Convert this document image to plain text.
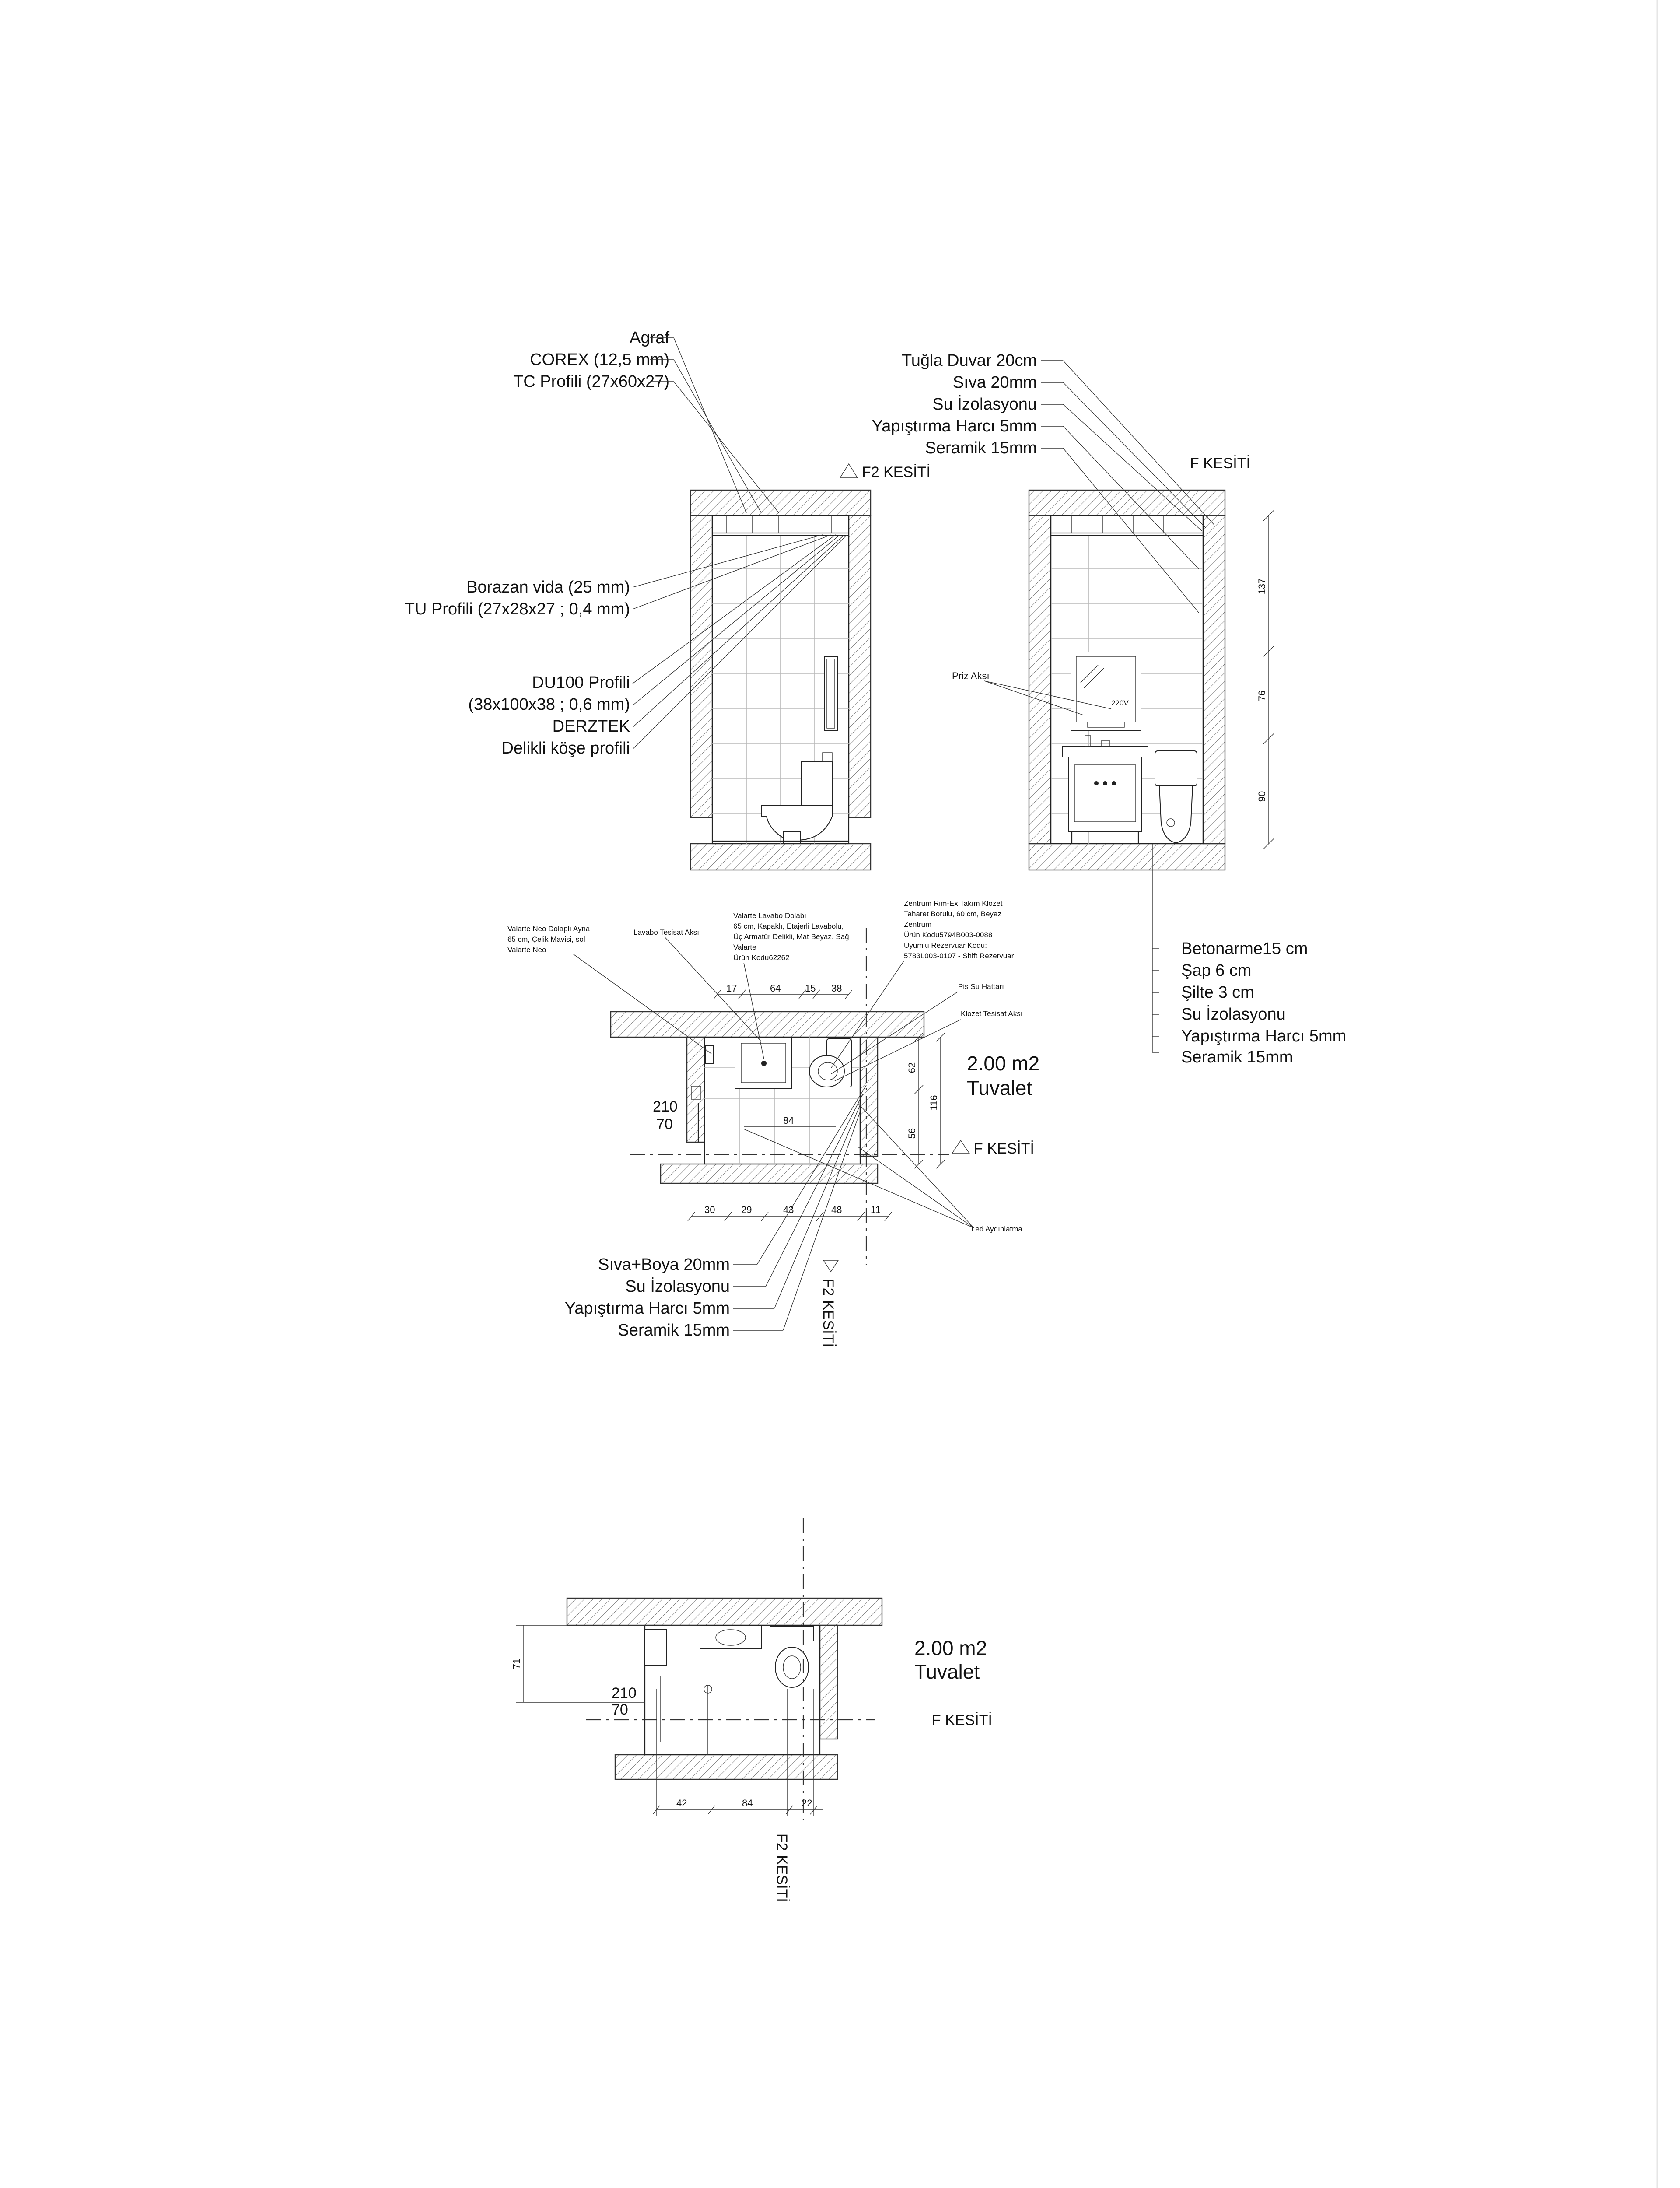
Agraf
COREX (12,5 mm)
TC Profili (27x60x27)
Borazan vida (25 mm)
TU Profili (27x28x27 ; 0,4 mm)
DU100 Profili
(38x100x38 ; 0,6 mm)
DERZTEK
Delikli köşe profili
F2 KESİTİ
220V
Betonarme15 cm
Şap 6 cm
Şilte 3 cm
Su İzolasyonu
Yapıştırma Harcı 5mm
Seramik 15mm
Tuğla Duvar 20cm
Sıva 20mm
Su İzolasyonu
Yapıştırma Harcı 5mm
Seramik 15mm
F KESİTİ
Priz Aksı
137
76
90
210
70
F KESİTİ
F2 KESİTİ
17	64	15 38
84
30	29	43	48	11
62
116
56
2.00 m2
Tuvalet
Valarte Neo Dolaplı Ayna
65 cm, Çelik Mavisi, sol
Valarte Neo
Lavabo Tesisat Aksı
Valarte Lavabo Dolabı
65 cm, Kapaklı, Etajerli Lavabolu,
Üç Armatür Delikli, Mat Beyaz, Sağ
Valarte
Ürün Kodu62262
Zentrum Rim-Ex Takım Klozet
Taharet Borulu, 60 cm, Beyaz
Zentrum
Ürün Kodu5794B003-0088
Uyumlu Rezervuar Kodu:
5783L003-0107 - Shift Rezervuar
Pis Su Hattarı
Klozet Tesisat Aksı
Led Aydınlatma
Sıva+Boya 20mm
Su İzolasyonu
Yapıştırma Harcı 5mm
Seramik 15mm
210
70
71
42	84	22
F KESİTİ
F2 KESİTİ
2.00 m2
Tuvalet
